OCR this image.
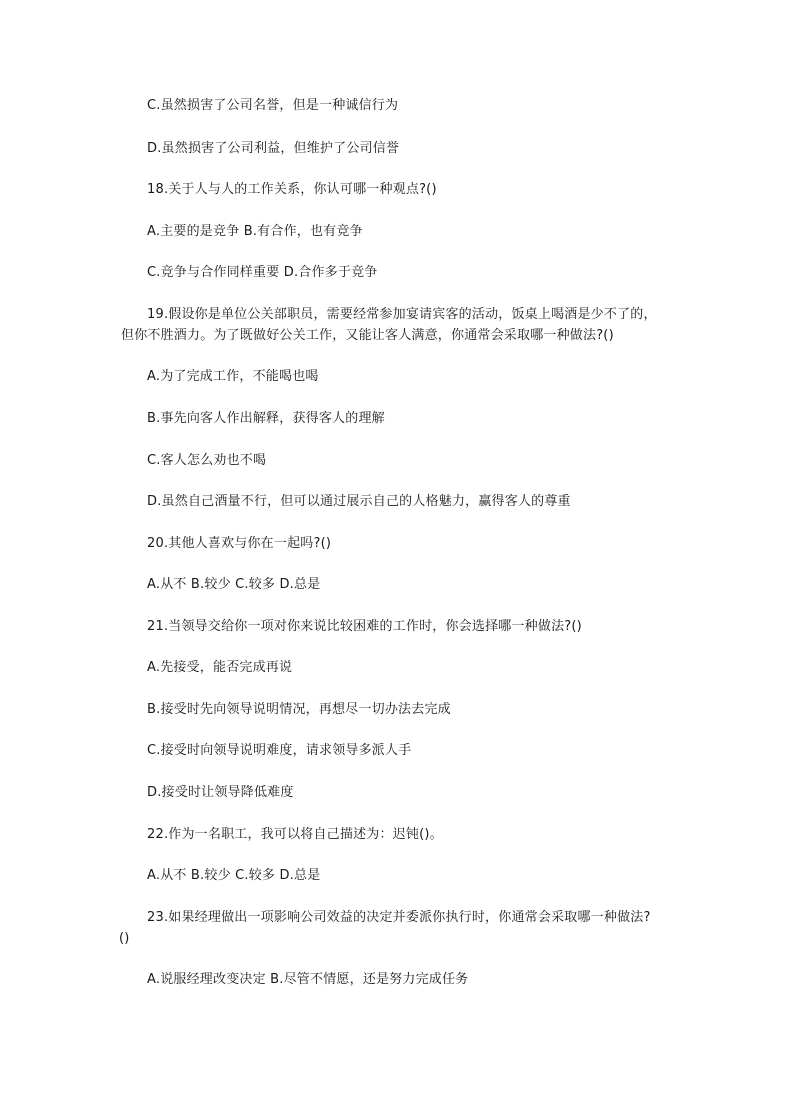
C.虽然损害了公司名誉，但是一种诚信行为
D.虽然损害了公司利益，但维护了公司信誉
18.关于人与人的工作关系，你认可哪一种观点?()
A.主要的是竞争 B.有合作，也有竞争
C.竞争与合作同样重要 D.合作多于竞争
19.假设你是单位公关部职员，需要经常参加宴请宾客的活动，饭桌上喝酒是少不了的，
但你不胜酒力。为了既做好公关工作，又能让客人满意，你通常会采取哪一种做法?()
A.为了完成工作，不能喝也喝
B.事先向客人作出解释，获得客人的理解
C.客人怎么劝也不喝
D.虽然自己酒量不行，但可以通过展示自己的人格魅力，赢得客人的尊重
20.其他人喜欢与你在一起吗?()
A.从不 B.较少 C.较多 D.总是
21.当领导交给你一项对你来说比较困难的工作时，你会选择哪一种做法?()
A.先接受，能否完成再说
B.接受时先向领导说明情况，再想尽一切办法去完成
C.接受时向领导说明难度，请求领导多派人手
D.接受时让领导降低难度
22.作为一名职工，我可以将自己描述为：迟钝()。
A.从不 B.较少 C.较多 D.总是
23.如果经理做出一项影响公司效益的决定并委派你执行时，你通常会采取哪一种做法?
()
A.说服经理改变决定 B.尽管不情愿，还是努力完成任务
